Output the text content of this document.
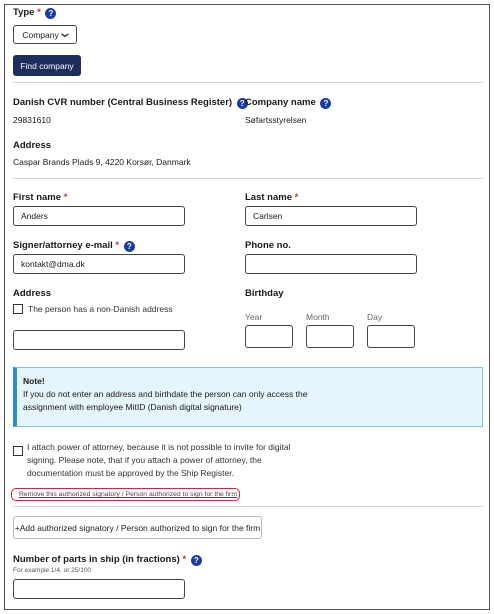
Type * ?
Company ❯
Find company
Danish CVR number (Central Business Register) ?
29831610
Company name ?
Søfartsstyrelsen
Address
Caspar Brands Plads 9, 4220 Korsør, Danmark
First name *
Anders
Last name *
Carlsen
Signer/attorney e-mail * ?
kontakt@dma.dk
Phone no.
Address
The person has a non-Danish address
Birthday
Year	Month	Day
Note!
If you do not enter an address and birthdate the person can only access the
assignment with employee MitID (Danish digital signature)
I attach power of attorney, because it is not possible to invite for digital
signing. Please note, that if you attach a power of attorney, the
documentation must be approved by the Ship Register.
Remove this authorized signatory / Person authorized to sign for the firm
+Add authorized signatory / Person authorized to sign for the firm
Number of parts in ship (in fractions) * ?
For example 1/4, or 25/100
